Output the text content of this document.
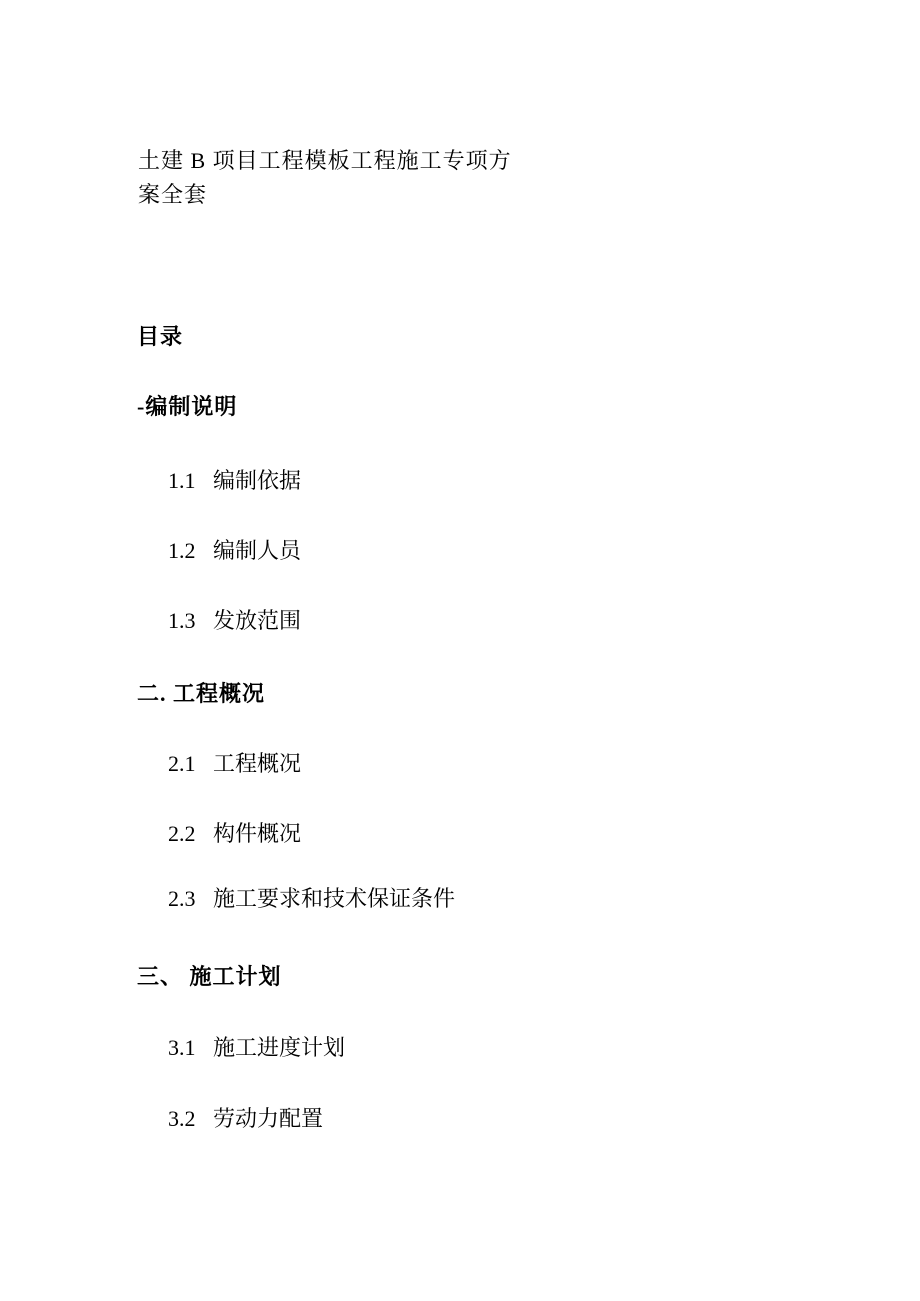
土建 B 项目工程模板工程施工专项方
案全套
目录
-编制说明
1.1 编制依据
1.2 编制人员
1.3 发放范围
二. 工程概况
2.1 工程概况
2.2 构件概况
2.3 施工要求和技术保证条件
三、 施工计划
3.1 施工进度计划
3.2 劳动力配置
